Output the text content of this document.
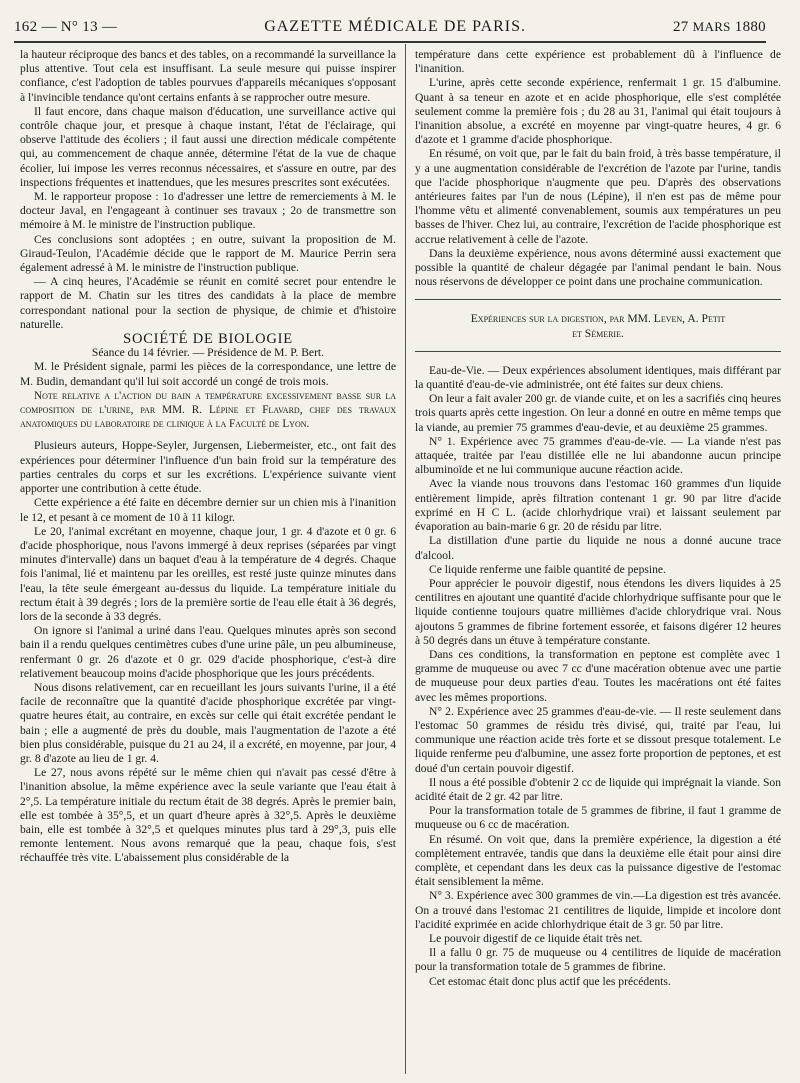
162 — N° 13 —	GAZETTE MÉDICALE DE PARIS.	27 MARS 1880

la hauteur réciproque des bancs et des tables, on a recommandé la surveillance la plus attentive. Tout cela est insuffisant. La seule mesure qui puisse inspirer confiance, c'est l'adoption de tables pourvues d'appareils mécaniques s'opposant à l'invincible tendance qu'ont certains enfants à se rapprocher outre mesure.

Il faut encore, dans chaque maison d'éducation, une surveillance active qui contrôle chaque jour, et presque à chaque instant, l'état de l'éclairage, qui observe l'attitude des écoliers ; il faut aussi une direction médicale compétente qui, au commencement de chaque année, détermine l'état de la vue de chaque écolier, lui impose les verres reconnus nécessaires, et s'assure en outre, par des inspections fréquentes et inattendues, que les mesures prescrites sont exécutées.

M. le rapporteur propose : 1o d'adresser une lettre de remerciements à M. le docteur Javal, en l'engageant à continuer ses travaux ; 2o de transmettre son mémoire à M. le ministre de l'instruction publique.

Ces conclusions sont adoptées ; en outre, suivant la proposition de M. Giraud-Teulon, l'Académie décide que le rapport de M. Maurice Perrin sera également adressé à M. le ministre de l'instruction publique.

— A cinq heures, l'Académie se réunit en comité secret pour entendre le rapport de M. Chatin sur les titres des candidats à la place de membre correspondant national pour la section de physique, de chimie et d'histoire naturelle.

SOCIÉTÉ DE BIOLOGIE

Séance du 14 février. — Présidence de M. P. Bert.

M. le Président signale, parmi les pièces de la correspondance, une lettre de M. Budin, demandant qu'il lui soit accordé un congé de trois mois.

Note relative a l'action du bain a température excessivement basse sur la composition de l'urine, par MM. R. Lépine et Flavard, chef des travaux anatomiques du laboratoire de clinique à la Faculté de Lyon.

Plusieurs auteurs, Hoppe-Seyler, Jurgensen, Liebermeister, etc., ont fait des expériences pour déterminer l'influence d'un bain froid sur la température des parties centrales du corps et sur les excrétions. L'expérience suivante vient apporter une contribution à cette étude.

Cette expérience a été faite en décembre dernier sur un chien mis à l'inanition le 12, et pesant à ce moment de 10 à 11 kilogr.

Le 20, l'animal excrétant en moyenne, chaque jour, 1 gr. 4 d'azote et 0 gr. 6 d'acide phosphorique, nous l'avons immergé à deux reprises (séparées par vingt minutes d'intervalle) dans un baquet d'eau à la température de 4 degrés. Chaque fois l'animal, lié et maintenu par les oreilles, est resté juste quinze minutes dans l'eau, la tête seule émergeant au-dessus du liquide. La température initiale du rectum était à 39 degrés ; lors de la première sortie de l'eau elle était à 36 degrés, lors de la seconde à 33 degrés.

On ignore si l'animal a uriné dans l'eau. Quelques minutes après son second bain il a rendu quelques centimètres cubes d'une urine pâle, un peu albumineuse, renfermant 0 gr. 26 d'azote et 0 gr. 029 d'acide phosphorique, c'est-à dire relativement beaucoup moins d'acide phosphorique que les jours précédents.

Nous disons relativement, car en recueillant les jours suivants l'urine, il a été facile de reconnaître que la quantité d'acide phosphorique excrétée par vingt-quatre heures était, au contraire, en excès sur celle qui était excrétée pendant le bain ; elle a augmenté de près du double, mais l'augmentation de l'azote a été bien plus considérable, puisque du 21 au 24, il a excrété, en moyenne, par jour, 4 gr. 8 d'azote au lieu de 1 gr. 4.

Le 27, nous avons répété sur le même chien qui n'avait pas cessé d'être à l'inanition absolue, la même expérience avec la seule variante que l'eau était à 2°,5. La température initiale du rectum était de 38 degrés. Après le premier bain, elle est tombée à 35°,5, et un quart d'heure après à 32°,5. Après le deuxième bain, elle est tombée à 32°,5 et quelques minutes plus tard à 29°,3, puis elle remonte lentement. Nous avons remarqué que la peau, chaque fois, s'est réchauffée très vite. L'abaissement plus considérable de la

température dans cette expérience est probablement dû à l'influence de l'inanition.

L'urine, après cette seconde expérience, renfermait 1 gr. 15 d'albumine. Quant à sa teneur en azote et en acide phosphorique, elle s'est complétée seulement comme la première fois ; du 28 au 31, l'animal qui était toujours à l'inanition absolue, a excrété en moyenne par vingt-quatre heures, 4 gr. 6 d'azote et 1 gramme d'acide phosphorique.

En résumé, on voit que, par le fait du bain froid, à très basse température, il y a une augmentation considérable de l'excrétion de l'azote par l'urine, tandis que l'acide phosphorique n'augmente que peu. D'après des observations antérieures faites par l'un de nous (Lépine), il n'en est pas de même pour l'homme vêtu et alimenté convenablement, soumis aux températures un peu basses de l'hiver. Chez lui, au contraire, l'excrétion de l'acide phosphorique est accrue relativement à celle de l'azote.

Dans la deuxième expérience, nous avons déterminé aussi exactement que possible la quantité de chaleur dégagée par l'animal pendant le bain. Nous nous réservons de développer ce point dans une prochaine communication.

Expériences sur la digestion, par MM. Leven, A. Petit
et Sémerie.

Eau-de-Vie. — Deux expériences absolument identiques, mais différant par la quantité d'eau-de-vie administrée, ont été faites sur deux chiens.

On leur a fait avaler 200 gr. de viande cuite, et on les a sacrifiés cinq heures trois quarts après cette ingestion. On leur a donné en outre en même temps que la viande, au premier 75 grammes d'eau-devie, et au deuxième 25 grammes.

N° 1. Expérience avec 75 grammes d'eau-de-vie. — La viande n'est pas attaquée, traitée par l'eau distillée elle ne lui abandonne aucun principe albuminoïde et ne lui communique aucune réaction acide.

Avec la viande nous trouvons dans l'estomac 160 grammes d'un liquide entièrement limpide, après filtration contenant 1 gr. 90 par litre d'acide exprimé en H C L. (acide chlorhydrique vrai) et laissant seulement par évaporation au bain-marie 6 gr. 20 de résidu par litre.

La distillation d'une partie du liquide ne nous a donné aucune trace d'alcool.

Ce liquide renferme une faible quantité de pepsine.

Pour apprécier le pouvoir digestif, nous étendons les divers liquides à 25 centilitres en ajoutant une quantité d'acide chlorhydrique suffisante pour que le liquide contienne toujours quatre millièmes d'acide chlorydrique vrai. Nous ajoutons 5 grammes de fibrine fortement essorée, et faisons digérer 12 heures à 50 degrés dans un étuve à température constante.

Dans ces conditions, la transformation en peptone est complète avec 1 gramme de muqueuse ou avec 7 cc d'une macération obtenue avec une partie de muqueuse pour deux parties d'eau. Toutes les macérations ont été faites avec les mêmes proportions.

N° 2. Expérience avec 25 grammes d'eau-de-vie. — Il reste seulement dans l'estomac 50 grammes de résidu très divisé, qui, traité par l'eau, lui communique une réaction acide très forte et se dissout presque totalement. Le liquide renferme peu d'albumine, une assez forte proportion de peptones, et est doué d'un certain pouvoir digestif.

Il nous a été possible d'obtenir 2 cc de liquide qui imprégnait la viande. Son acidité était de 2 gr. 42 par litre.

Pour la transformation totale de 5 grammes de fibrine, il faut 1 gramme de muqueuse ou 6 cc de macération.

En résumé. On voit que, dans la première expérience, la digestion a été complètement entravée, tandis que dans la deuxième elle était pour ainsi dire complète, et cependant dans les deux cas la puissance digestive de l'estomac était sensiblement la même.

N° 3. Expérience avec 300 grammes de vin.—La digestion est très avancée. On a trouvé dans l'estomac 21 centilitres de liquide, limpide et incolore dont l'acidité exprimée en acide chlorhydrique était de 3 gr. 50 par litre.

Le pouvoir digestif de ce liquide était très net.

Il a fallu 0 gr. 75 de muqueuse ou 4 centilitres de liquide de macération pour la transformation totale de 5 grammes de fibrine.

Cet estomac était donc plus actif que les précédents.
